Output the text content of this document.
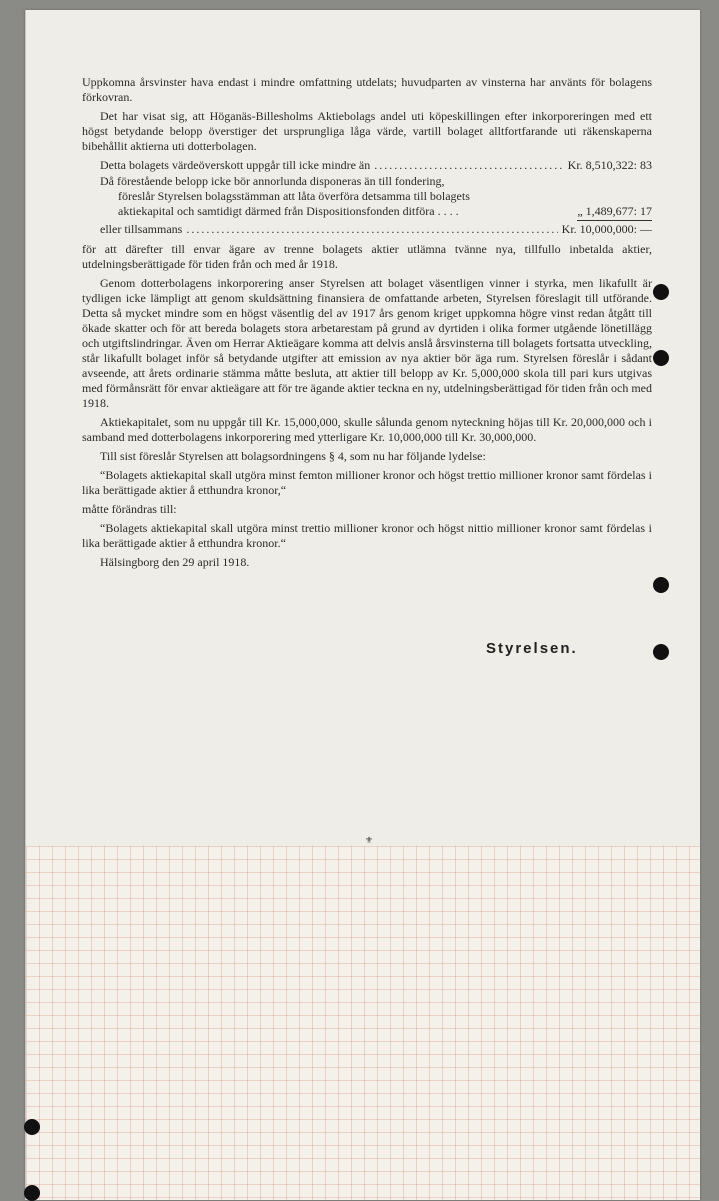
Uppkomna årsvinster hava endast i mindre omfattning utdelats; huvudparten av vinsterna har använts för bolagens förkovran.

Det har visat sig, att Höganäs-Billesholms Aktiebolags andel uti köpeskillingen efter inkorporeringen med ett högst betydande belopp överstiger det ursprungliga låga värde, vartill bolaget alltfortfarande uti räkenskaperna bibehållit aktierna uti dotterbolagen.

Detta bolagets värdeöverskott uppgår till icke mindre än .....	Kr. 8,510,322: 83
Då förestående belopp icke bör annorlunda disponeras än till fondering,
föreslår Styrelsen bolagsstämman att låta överföra detsamma till bolagets
aktiekapital och samtidigt därmed från Dispositionsfonden ditföra . . . .	„ 1,489,677: 17
eller tillsammans .....	Kr. 10,000,000: —

för att därefter till envar ägare av trenne bolagets aktier utlämna tvänne nya, tillfullo inbetalda aktier, utdelningsberättigade för tiden från och med år 1918.

Genom dotterbolagens inkorporering anser Styrelsen att bolaget väsentligen vinner i styrka, men likafullt är tydligen icke lämpligt att genom skuldsättning finansiera de omfattande arbeten, Styrelsen föreslagit till utförande. Detta så mycket mindre som en högst väsentlig del av 1917 års genom kriget uppkomna högre vinst redan åtgått till ökade skatter och för att bereda bolagets stora arbetarestam på grund av dyrtiden i olika former utgående lönetillägg och utgiftslindringar. Även om Herrar Aktieägare komma att delvis anslå årsvinsterna till bolagets fortsatta utveckling, står likafullt bolaget inför så betydande utgifter att emission av nya aktier bör äga rum. Styrelsen föreslår i sådant avseende, att årets ordinarie stämma måtte besluta, att aktier till belopp av Kr. 5,000,000 skola till pari kurs utgivas med förmånsrätt för envar aktieägare att för tre ägande aktier teckna en ny, utdelningsberättigad för tiden från och med 1918.

Aktiekapitalet, som nu uppgår till Kr. 15,000,000, skulle sålunda genom nyteckning höjas till Kr. 20,000,000 och i samband med dotterbolagens inkorporering med ytterligare Kr. 10,000,000 till Kr. 30,000,000.

Till sist föreslår Styrelsen att bolagsordningens § 4, som nu har följande lydelse:

“Bolagets aktiekapital skall utgöra minst femton millioner kronor och högst trettio millioner kronor samt fördelas i lika berättigade aktier å etthundra kronor,“

måtte förändras till:

“Bolagets aktiekapital skall utgöra minst trettio millioner kronor och högst nittio millioner kronor samt fördelas i lika berättigade aktier å etthundra kronor.“

Hälsingborg den 29 april 1918.

Styrelsen.
⚜
